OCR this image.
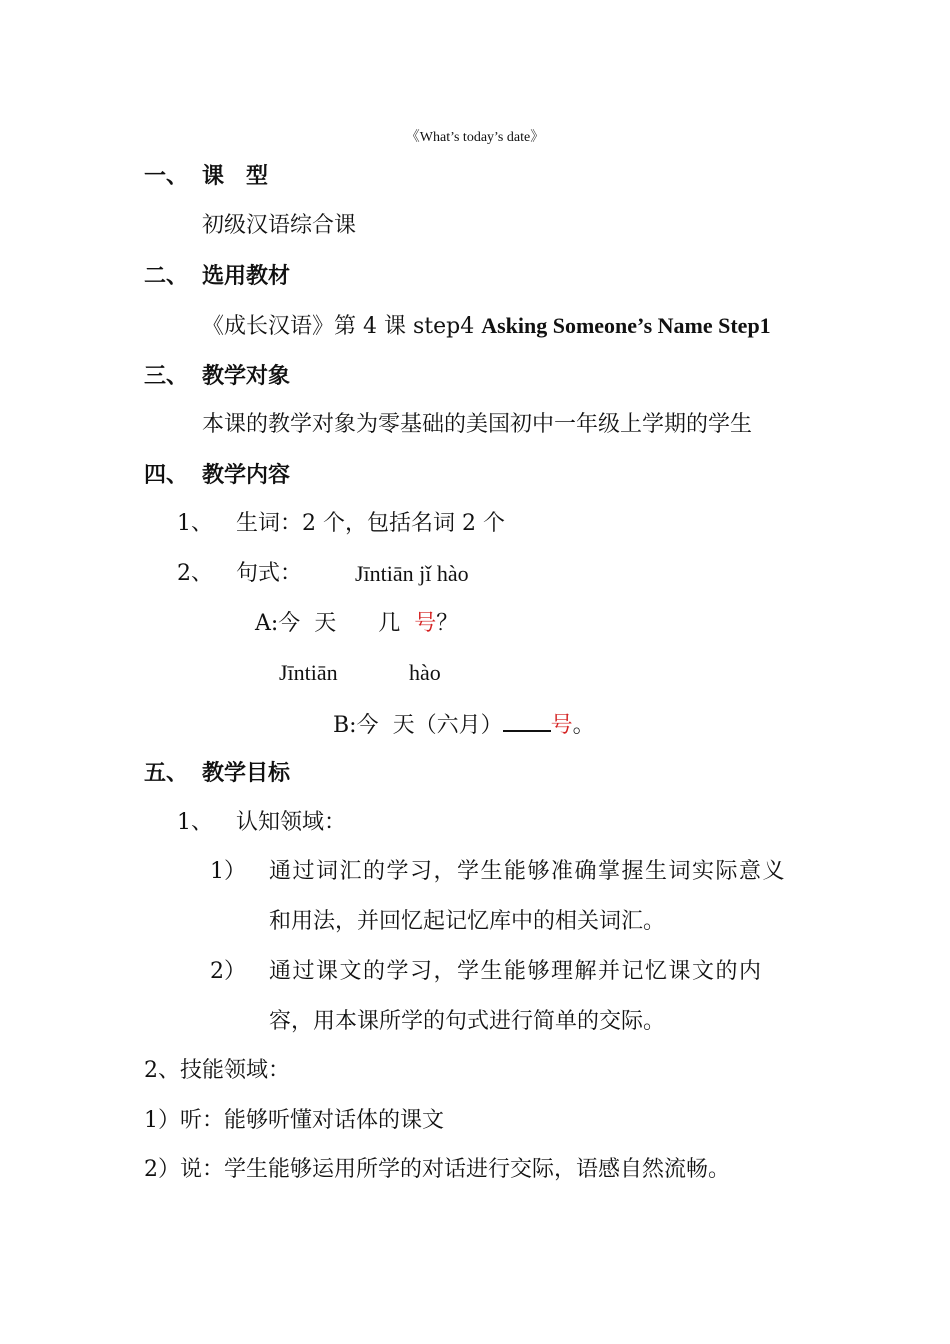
《What’s today’s date》
一、 课　型
初级汉语综合课
二、 选用教材
《成长汉语》第 4 课 step4 Asking Someone’s Name Step1
三、 教学对象
本课的教学对象为零基础的美国初中一年级上学期的学生
四、 教学内容
1、 生词：2 个，包括名词 2 个
2、 句式： Jīntiān jǐ hào
A:今  天      几  号？
Jīntiān	hào
B:今  天（六月） 号。
五、 教学目标
1、 认知领域：
1） 通过词汇的学习，学生能够准确掌握生词实际意义
和用法，并回忆起记忆库中的相关词汇。
2） 通过课文的学习，学生能够理解并记忆课文的内
容，用本课所学的句式进行简单的交际。
2、技能领域：
1）听：能够听懂对话体的课文
2）说：学生能够运用所学的对话进行交际，语感自然流畅。
